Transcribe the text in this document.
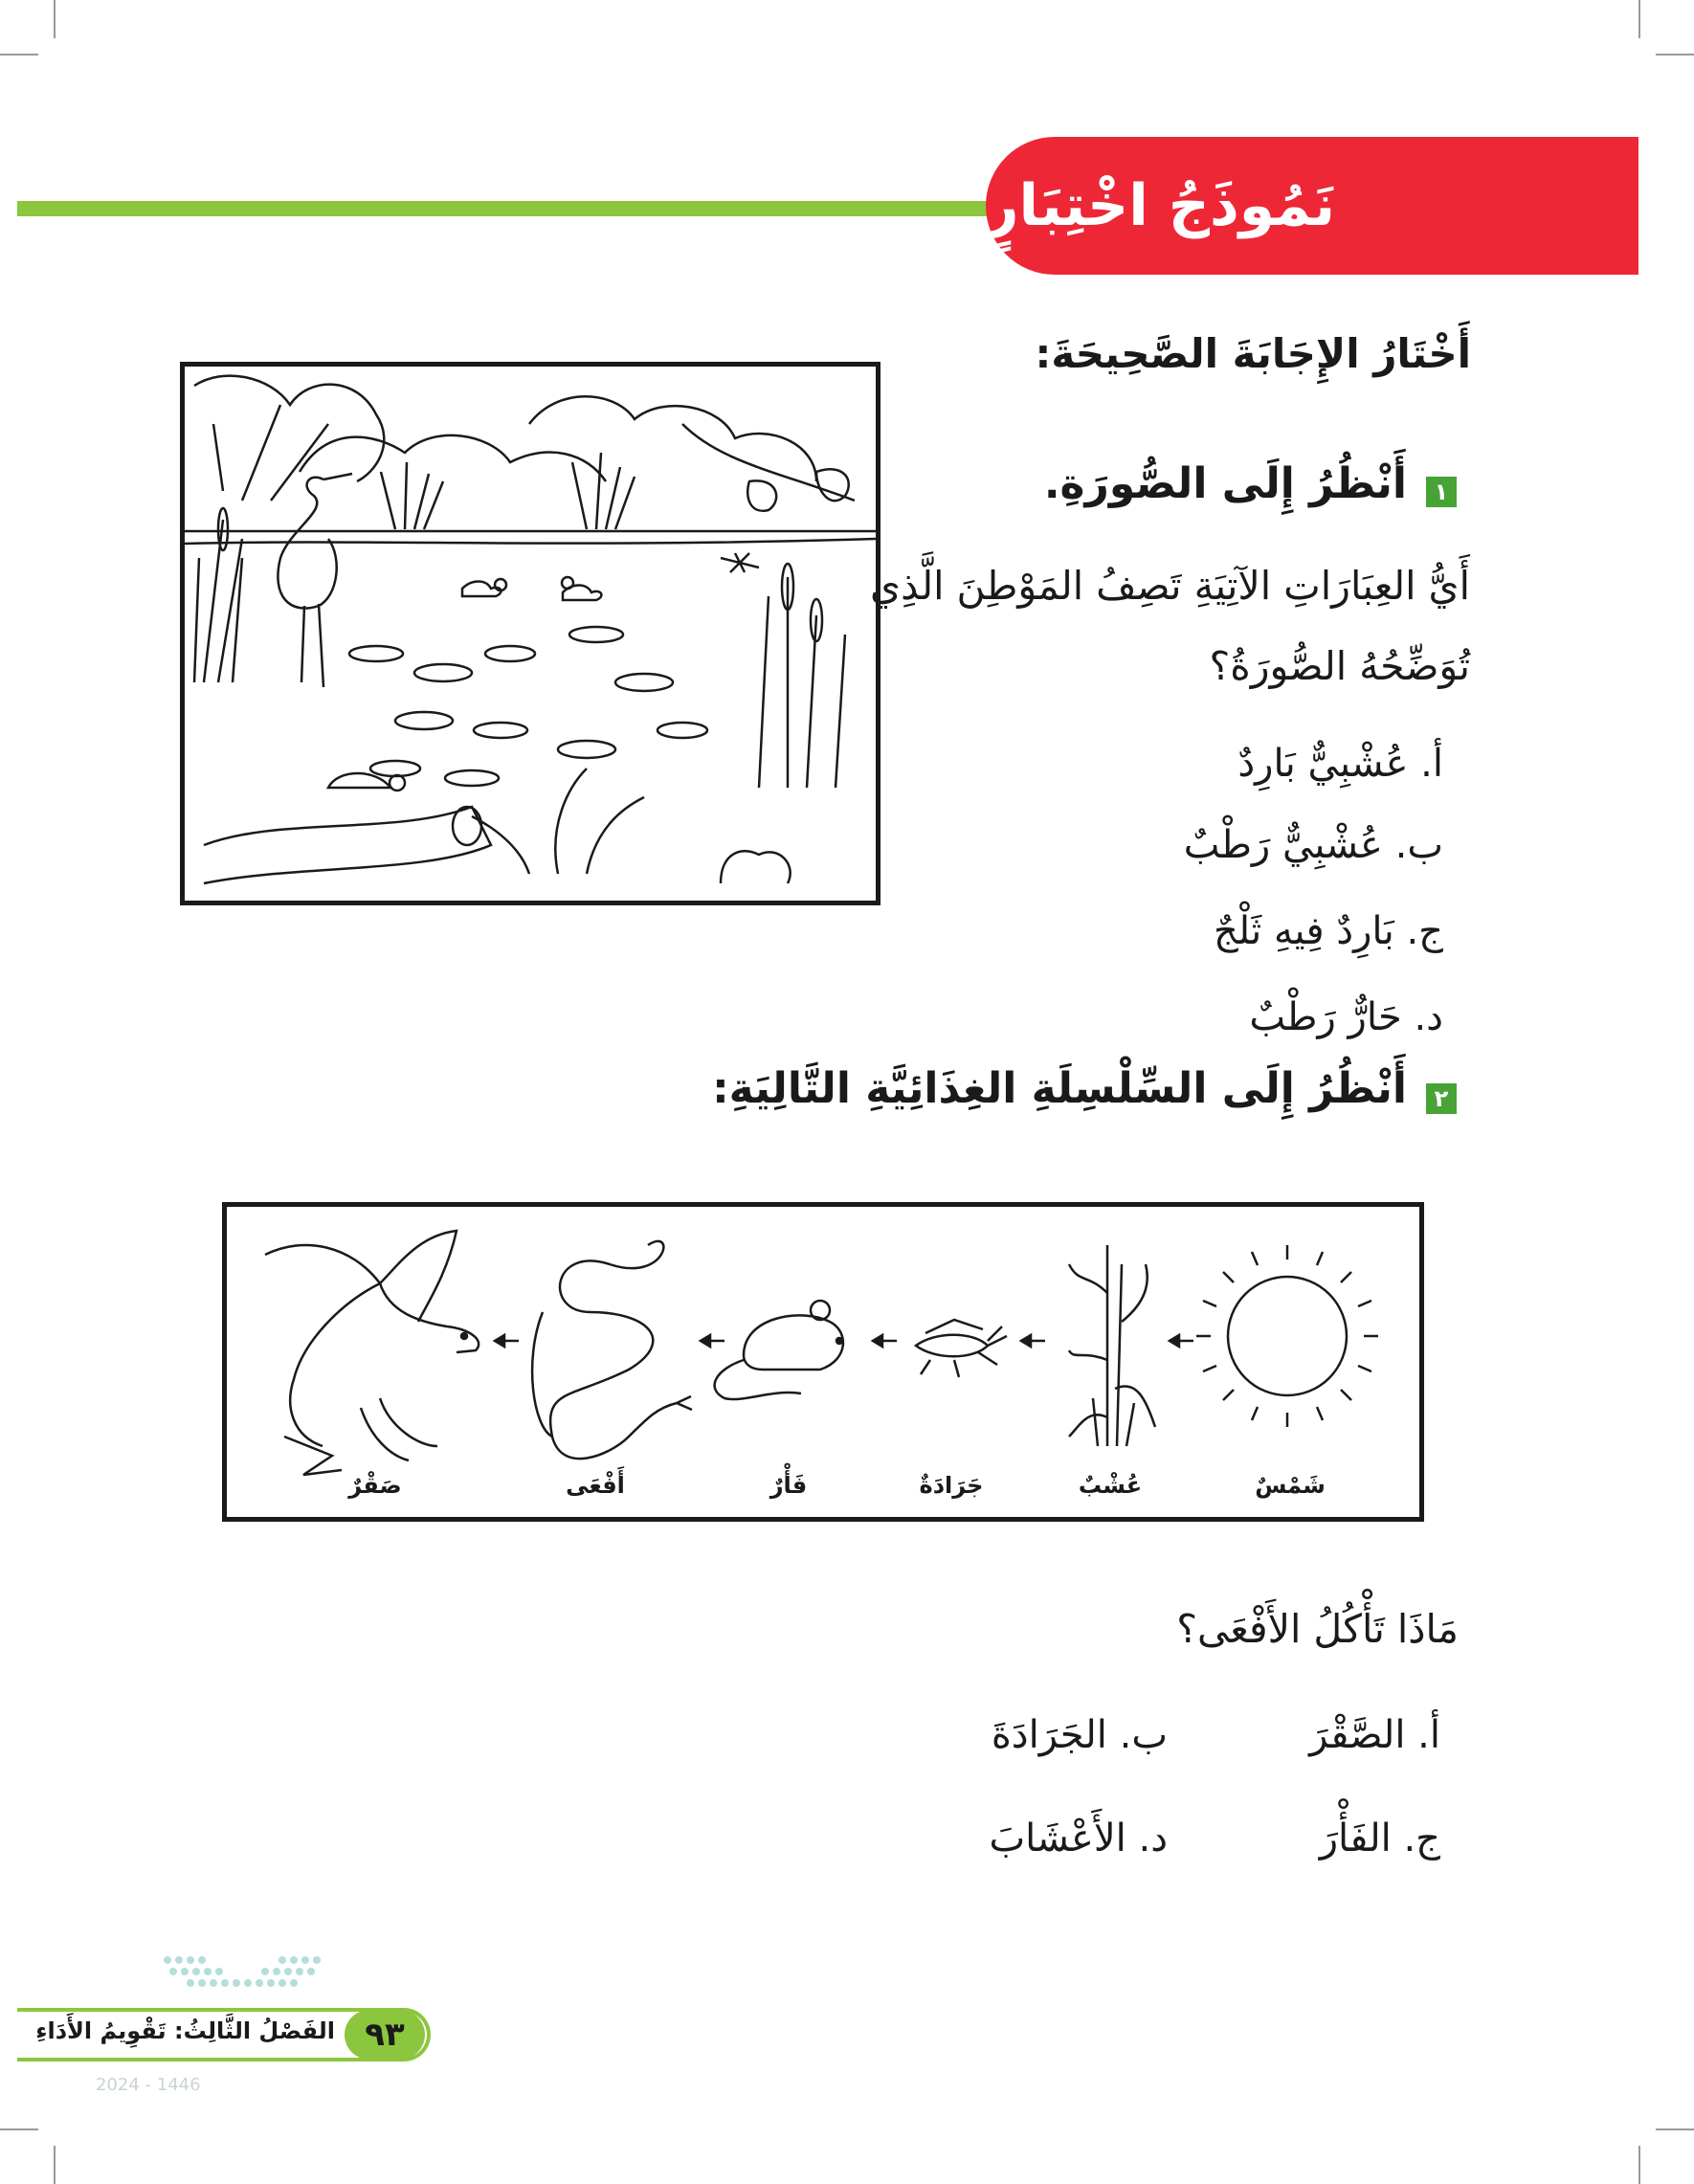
نَمُوذَجُ اخْتِبَارٍ
أَخْتَارُ الإِجَابَةَ الصَّحِيحَةَ:
١
أَنْظُرُ إِلَى الصُّورَةِ.
أَيُّ العِبَارَاتِ الآتِيَةِ تَصِفُ المَوْطِنَ الَّذِي
تُوَضِّحُهُ الصُّورَةُ؟
أ. عُشْبِيٌّ بَارِدٌ
ب. عُشْبِيٌّ رَطْبٌ
ج. بَارِدٌ فِيهِ ثَلْجٌ
د. حَارٌّ رَطْبٌ
٢
أَنْظُرُ إِلَى السِّلْسِلَةِ الغِذَائِيَّةِ التَّالِيَةِ:
شَمْسٌ
عُشْبٌ
جَرَادَةٌ
فَأْرٌ
أَفْعَى
صَقْرٌ
مَاذَا تَأْكُلُ الأَفْعَى؟
أ. الصَّقْرَ
ب. الجَرَادَةَ
ج. الفَأْرَ
د. الأَعْشَابَ
٩٣
الفَصْلُ الثَّالِثُ: تَقْوِيمُ الأَدَاءِ
2024 - 1446
